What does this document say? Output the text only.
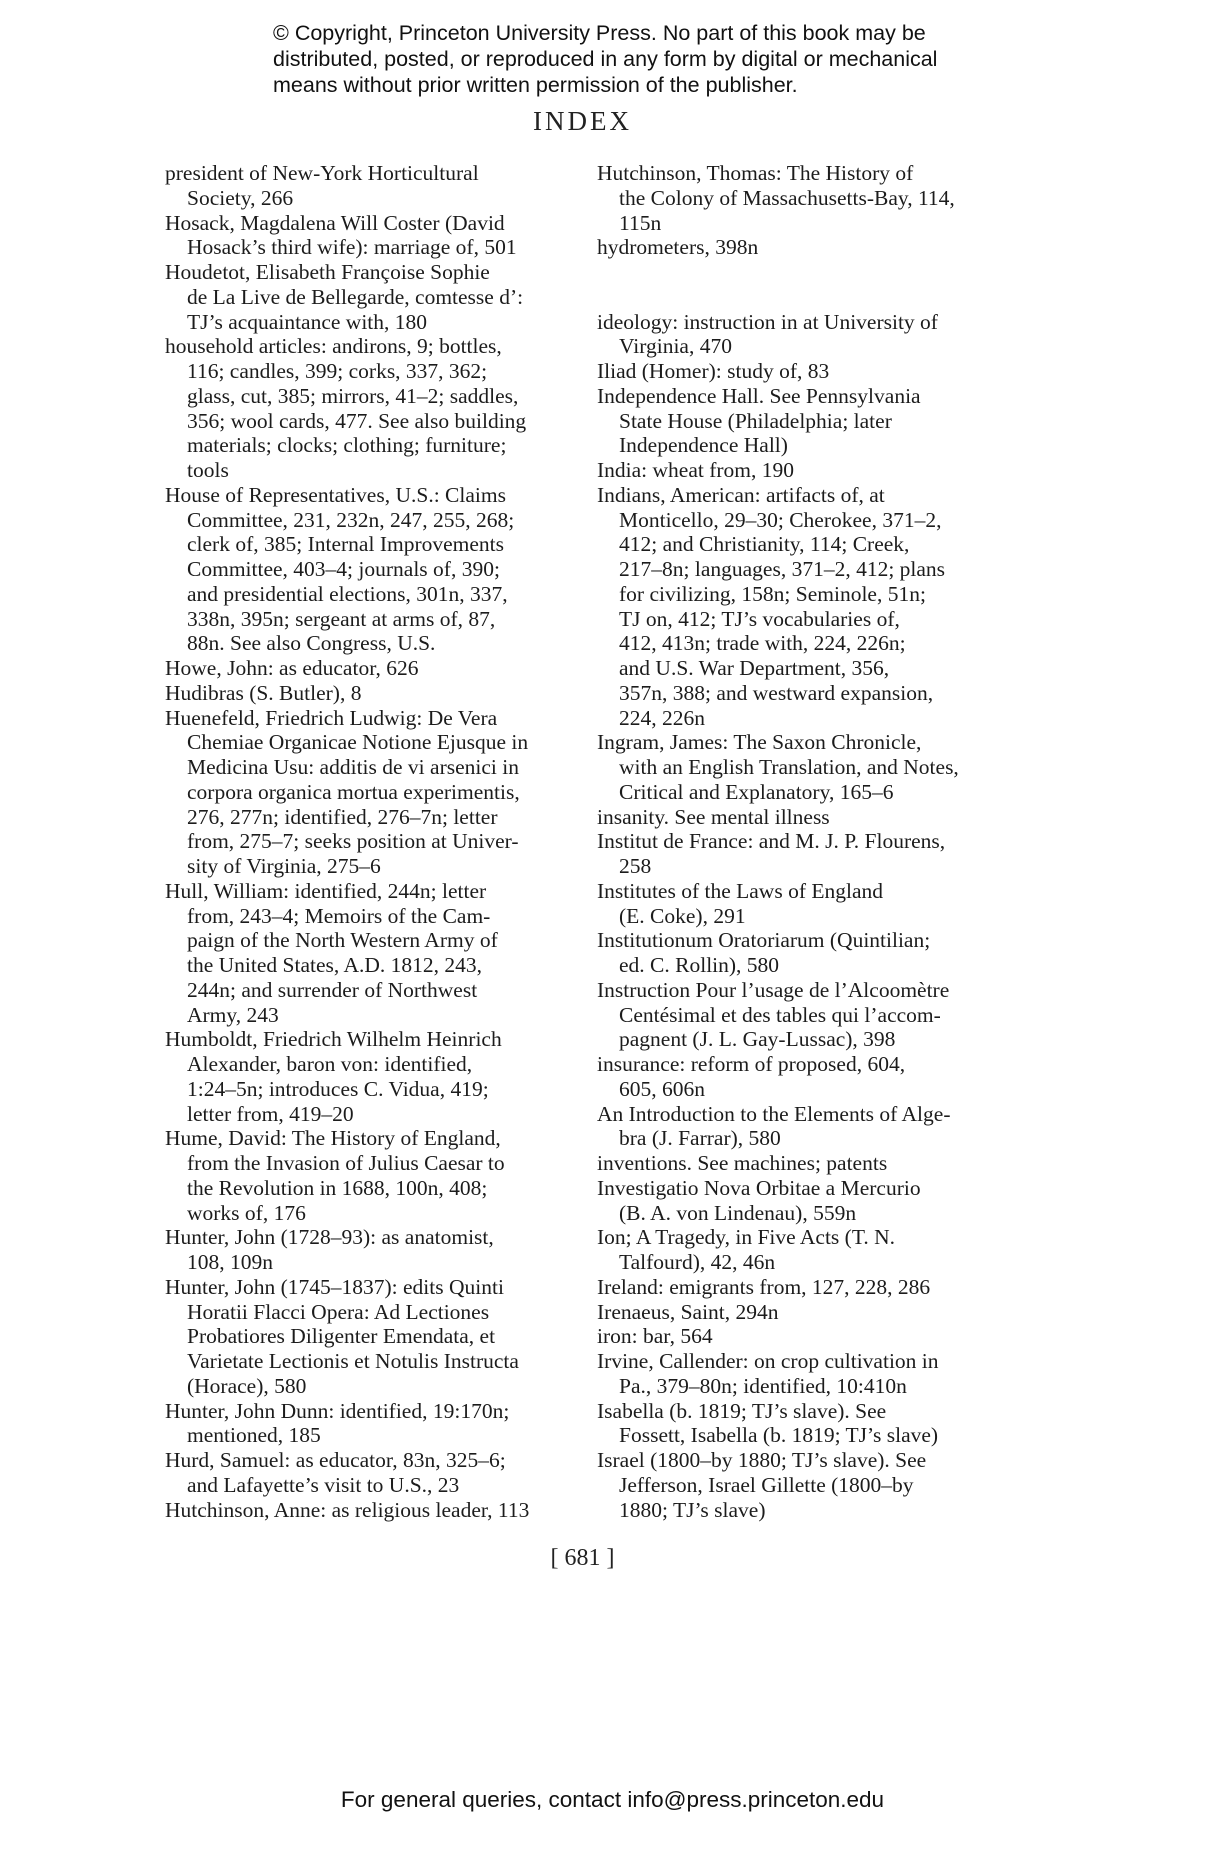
© Copyright, Princeton University Press. No part of this book may be
distributed, posted, or reproduced in any form by digital or mechanical
means without prior written permission of the publisher.
INDEX
president of New-York Horticultural
Society, 266
Hosack, Magdalena Will Coster (David
Hosack’s third wife): marriage of, 501
Houdetot, Elisabeth Françoise Sophie
de La Live de Bellegarde, comtesse d’:
TJ’s acquaintance with, 180
household articles: andirons, 9; bottles,
116; candles, 399; corks, 337, 362;
glass, cut, 385; mirrors, 41–2; saddles,
356; wool cards, 477. See also building
materials; clocks; clothing; furniture;
tools
House of Representatives, U.S.: Claims
Committee, 231, 232n, 247, 255, 268;
clerk of, 385; Internal Improvements
Committee, 403–4; journals of, 390;
and presidential elections, 301n, 337,
338n, 395n; sergeant at arms of, 87,
88n. See also Congress, U.S.
Howe, John: as educator, 626
Hudibras (S. Butler), 8
Huenefeld, Friedrich Ludwig: De Vera
Chemiae Organicae Notione Ejusque in
Medicina Usu: additis de vi arsenici in
corpora organica mortua experimentis,
276, 277n; identified, 276–7n; letter
from, 275–7; seeks position at Univer-
sity of Virginia, 275–6
Hull, William: identified, 244n; letter
from, 243–4; Memoirs of the Cam-
paign of the North Western Army of
the United States, A.D. 1812, 243,
244n; and surrender of Northwest
Army, 243
Humboldt, Friedrich Wilhelm Heinrich
Alexander, baron von: identified,
1:24–5n; introduces C. Vidua, 419;
letter from, 419–20
Hume, David: The History of England,
from the Invasion of Julius Caesar to
the Revolution in 1688, 100n, 408;
works of, 176
Hunter, John (1728–93): as anatomist,
108, 109n
Hunter, John (1745–1837): edits Quinti
Horatii Flacci Opera: Ad Lectiones
Probatiores Diligenter Emendata, et
Varietate Lectionis et Notulis Instructa
(Horace), 580
Hunter, John Dunn: identified, 19:170n;
mentioned, 185
Hurd, Samuel: as educator, 83n, 325–6;
and Lafayette’s visit to U.S., 23
Hutchinson, Anne: as religious leader, 113
Hutchinson, Thomas: The History of
the Colony of Massachusetts-Bay, 114,
115n
hydrometers, 398n
ideology: instruction in at University of
Virginia, 470
Iliad (Homer): study of, 83
Independence Hall. See Pennsylvania
State House (Philadelphia; later
Independence Hall)
India: wheat from, 190
Indians, American: artifacts of, at
Monticello, 29–30; Cherokee, 371–2,
412; and Christianity, 114; Creek,
217–8n; languages, 371–2, 412; plans
for civilizing, 158n; Seminole, 51n;
TJ on, 412; TJ’s vocabularies of,
412, 413n; trade with, 224, 226n;
and U.S. War Department, 356,
357n, 388; and westward expansion,
224, 226n
Ingram, James: The Saxon Chronicle,
with an English Translation, and Notes,
Critical and Explanatory, 165–6
insanity. See mental illness
Institut de France: and M. J. P. Flourens,
258
Institutes of the Laws of England
(E. Coke), 291
Institutionum Oratoriarum (Quintilian;
ed. C. Rollin), 580
Instruction Pour l’usage de l’Alcoomètre
Centésimal et des tables qui l’accom-
pagnent (J. L. Gay-Lussac), 398
insurance: reform of proposed, 604,
605, 606n
An Introduction to the Elements of Alge-
bra (J. Farrar), 580
inventions. See machines; patents
Investigatio Nova Orbitae a Mercurio
(B. A. von Lindenau), 559n
Ion; A Tragedy, in Five Acts (T. N.
Talfourd), 42, 46n
Ireland: emigrants from, 127, 228, 286
Irenaeus, Saint, 294n
iron: bar, 564
Irvine, Callender: on crop cultivation in
Pa., 379–80n; identified, 10:410n
Isabella (b. 1819; TJ’s slave). See
Fossett, Isabella (b. 1819; TJ’s slave)
Israel (1800–by 1880; TJ’s slave). See
Jefferson, Israel Gillette (1800–by
1880; TJ’s slave)
[ 681 ]
For general queries, contact info@press.princeton.edu
